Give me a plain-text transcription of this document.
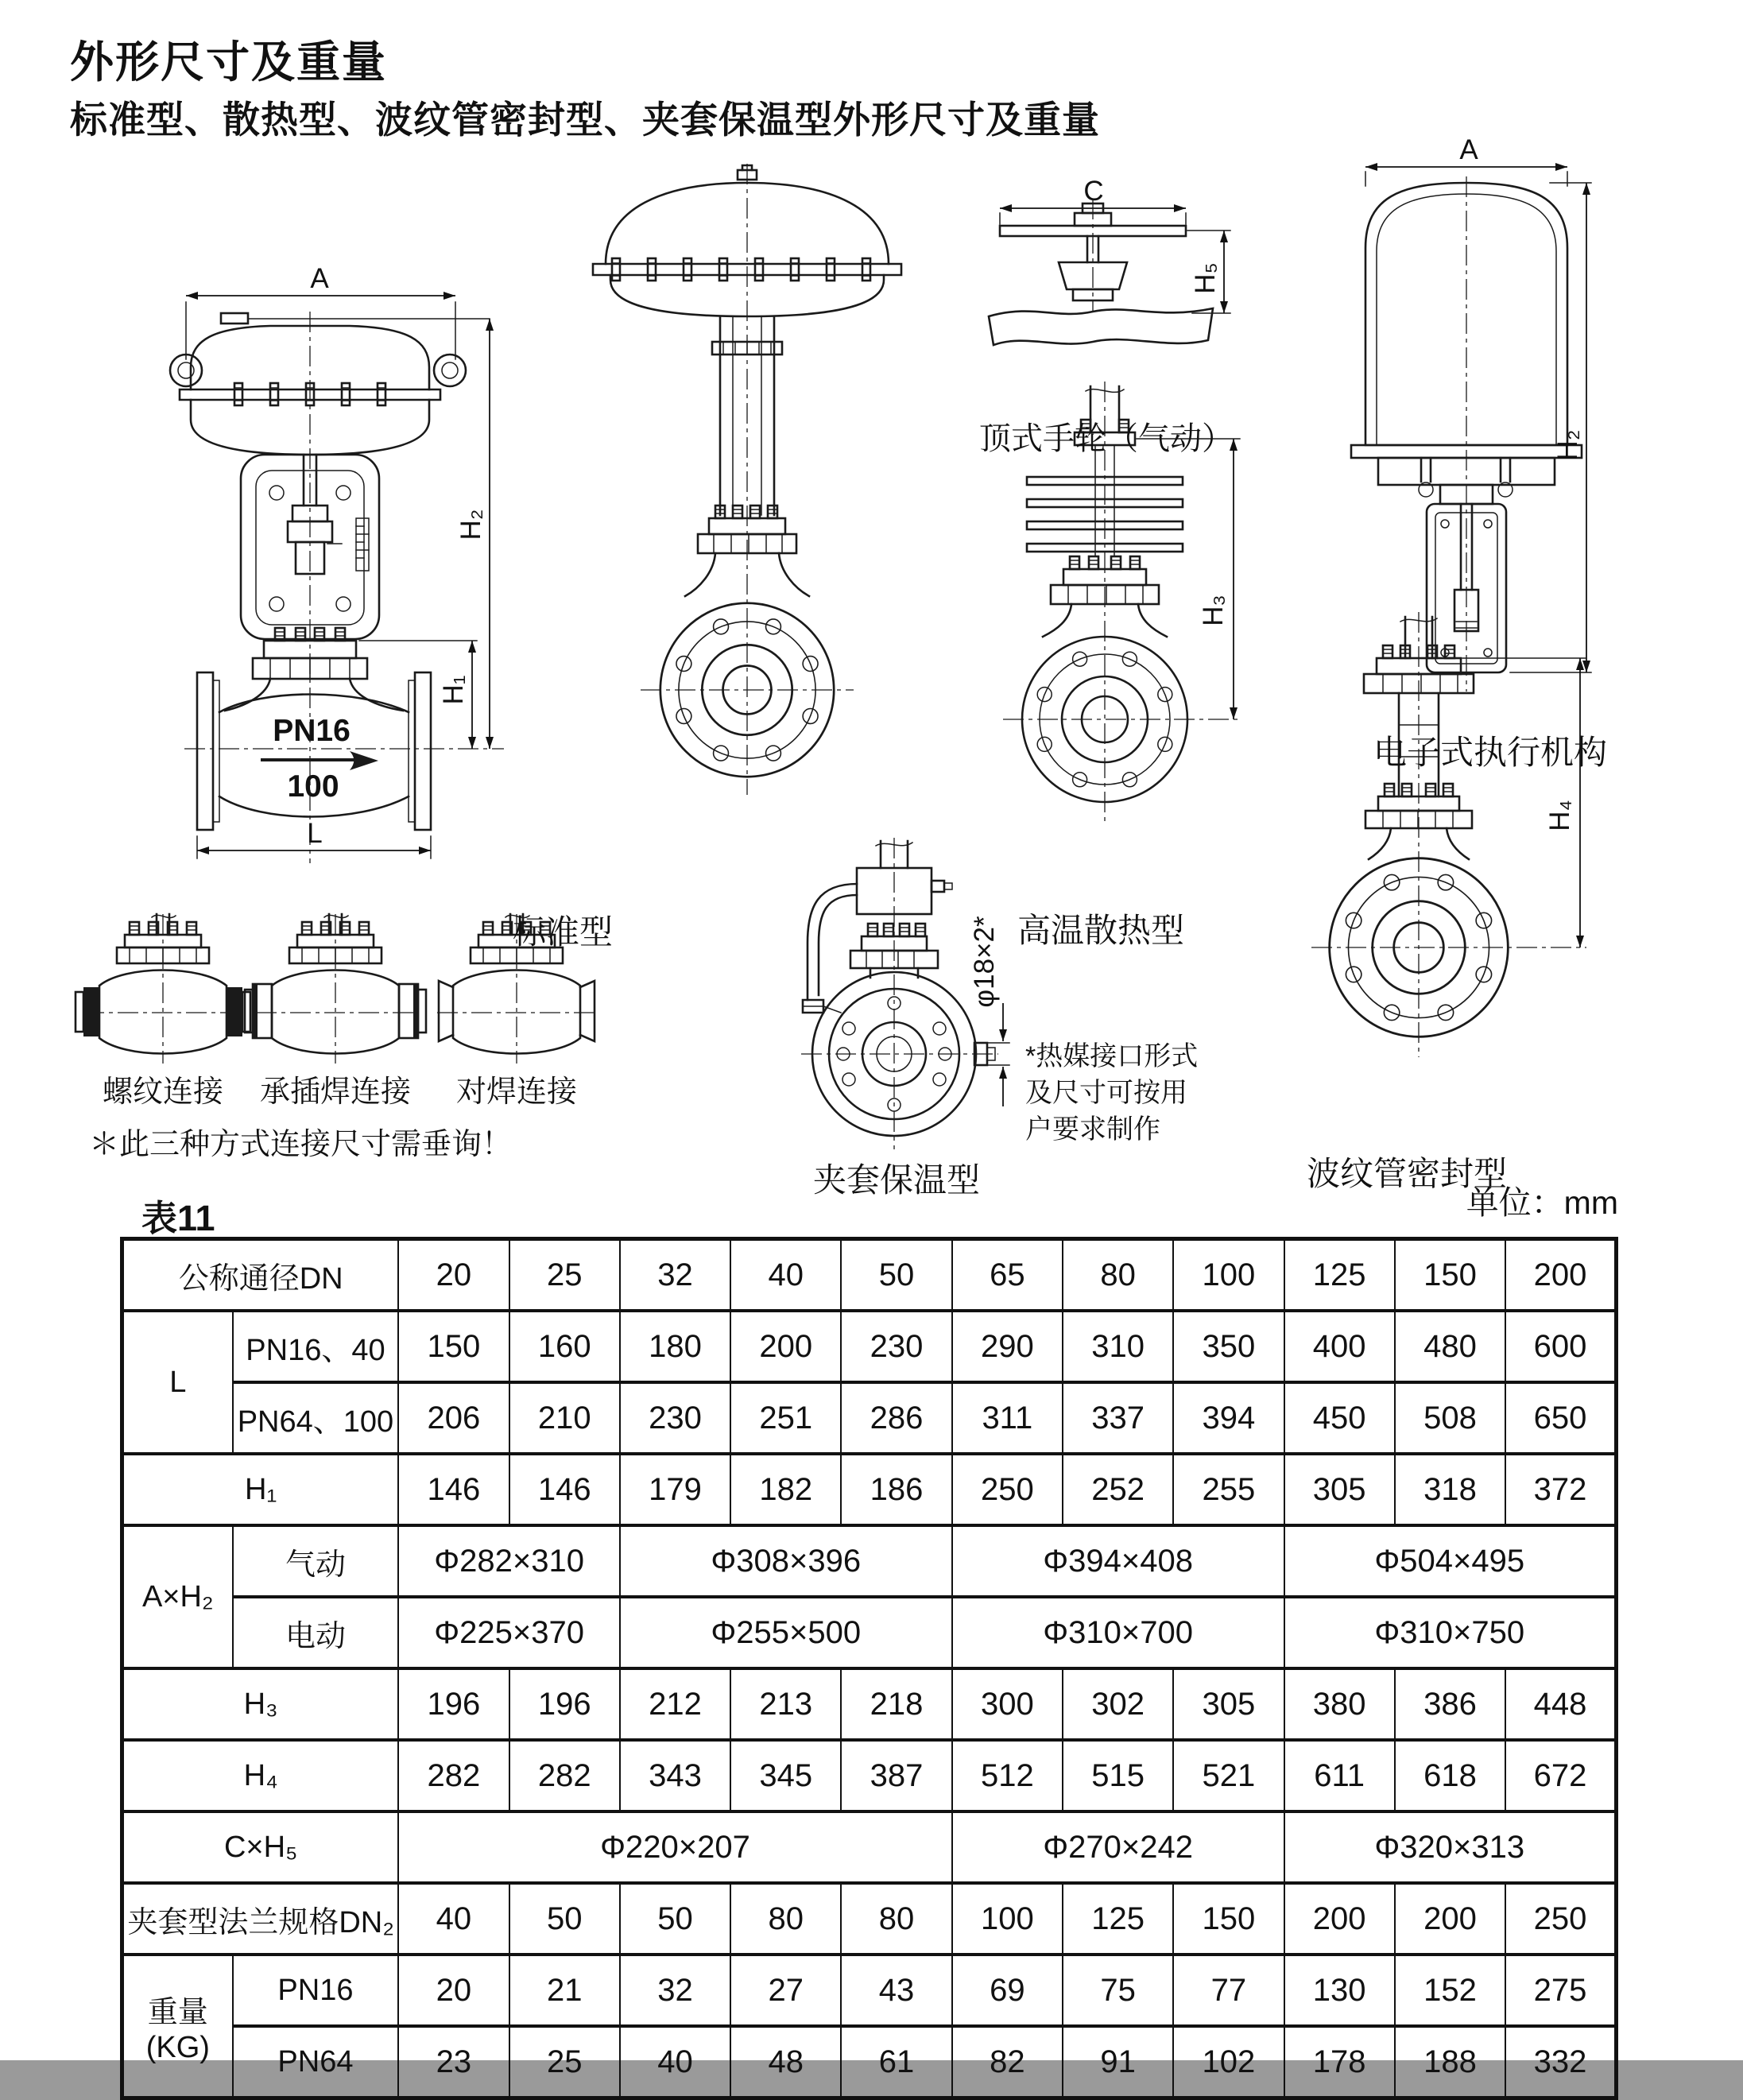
外形尺寸及重量
标准型、散热型、波纹管密封型、夹套保温型外形尺寸及重量
A
PN16
100
H₂
H₁
L
C
H₅
A
H₂
H₃
φ18×2*
H₄
标准型
顶式手轮（气动）
电子式执行机构
高温散热型
夹套保温型	波纹管密封型
螺纹连接 承插焊连接 对焊连接
＊此三种方式连接尺寸需垂询！
*热媒接口形式
及尺寸可按用
户要求制作
表11	单位：mm
公称通径DN		20	25	32	40	50	65	80	100	125	150	200
L	PN16、40	150	160	180	200	230	290	310	350	400	480	600
	PN64、100	206	210	230	251	286	311	337	394	450	508	650
H₁		146	146	179	182	186	250	252	255	305	318	372
A×H₂	气动	Φ282×310		Φ308×396			Φ394×408			Φ504×495		
	电动	Φ225×370		Φ255×500			Φ310×700			Φ310×750		
H₃		196	196	212	213	218	300	302	305	380	386	448
H₄		282	282	343	345	387	512	515	521	611	618	672
C×H₅		Φ220×207					Φ270×242			Φ320×313		
夹套型法兰规格DN₂		40	50	50	80	80	100	125	150	200	200	250

重量
(KG)	PN16	20	21	32	27	43	69	75	77	130	152	275
	PN64	23	25	40	48	61	82	91	102	178	188	332
